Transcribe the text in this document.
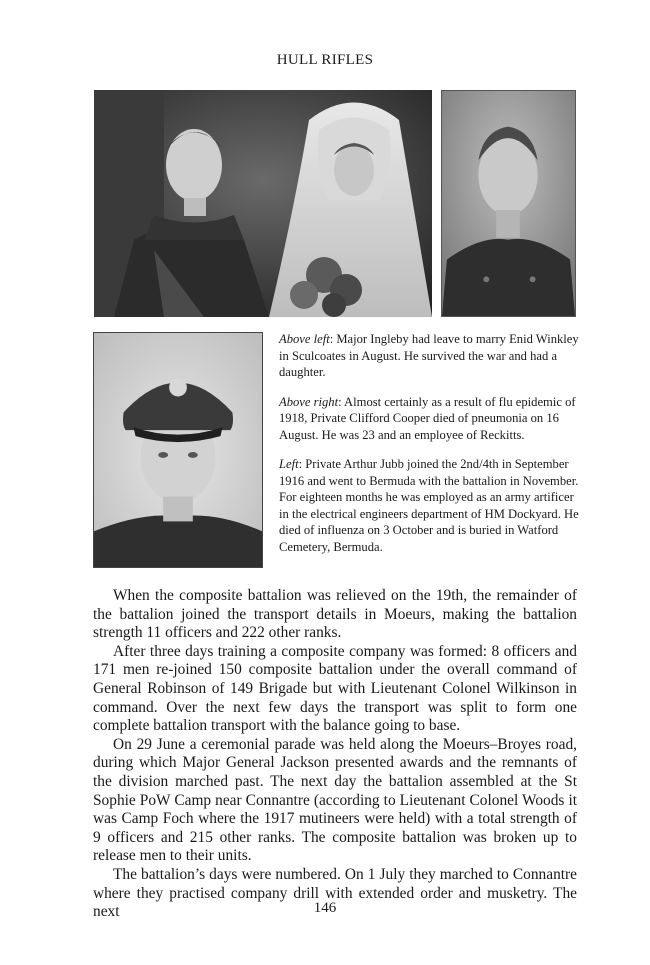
HULL RIFLES

Above left: Major Ingleby had leave to marry Enid Winkley in Sculcoates in August. He survived the war and had a daughter.

Above right: Almost certainly as a result of flu epidemic of 1918, Private Clifford Cooper died of pneumonia on 16 August. He was 23 and an employee of Reckitts.

Left: Private Arthur Jubb joined the 2nd/4th in September 1916 and went to Bermuda with the battalion in November. For eighteen months he was employed as an army artificer in the electrical engineers department of HM Dockyard. He died of influenza on 3 October and is buried in Watford Cemetery, Bermuda.

When the composite battalion was relieved on the 19th, the remainder of the battalion joined the transport details in Moeurs, making the battalion strength 11 officers and 222 other ranks.

After three days training a composite company was formed: 8 officers and 171 men re-joined 150 composite battalion under the overall command of General Robinson of 149 Brigade but with Lieutenant Colonel Wilkinson in command. Over the next few days the transport was split to form one complete battalion transport with the balance going to base.

On 29 June a ceremonial parade was held along the Moeurs–Broyes road, during which Major General Jackson presented awards and the remnants of the division marched past. The next day the battalion assembled at the St Sophie PoW Camp near Connantre (according to Lieutenant Colonel Woods it was Camp Foch where the 1917 mutineers were held) with a total strength of 9 officers and 215 other ranks. The composite battalion was broken up to release men to their units.

The battalion’s days were numbered. On 1 July they marched to Connantre where they practised company drill with extended order and musketry. The next	146
